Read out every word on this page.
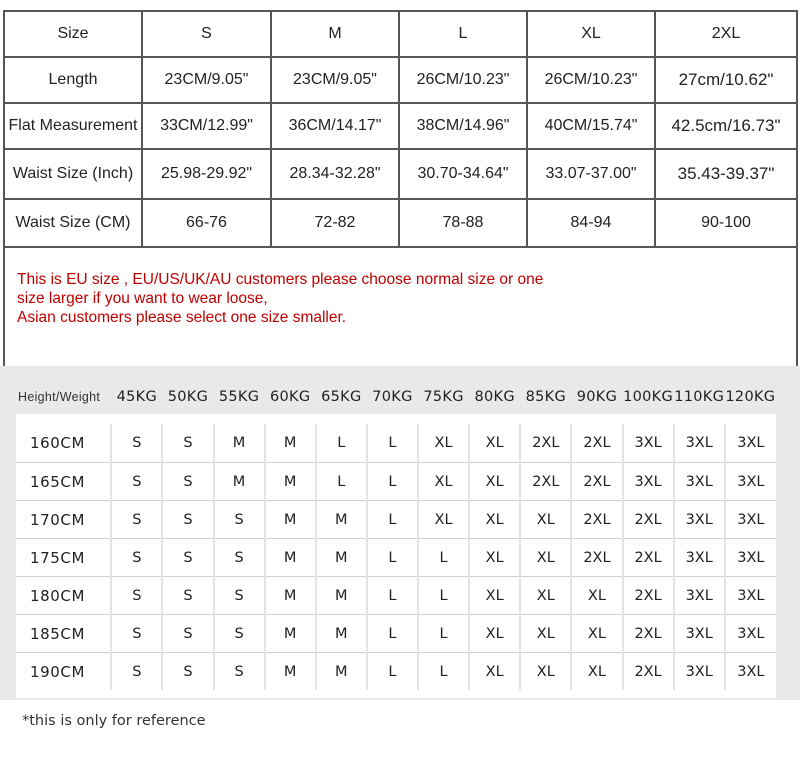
Size	S	M	L	XL	2XL
Length	23CM/9.05"	23CM/9.05"	26CM/10.23"	26CM/10.23"	27cm/10.62"
Flat Measurement	33CM/12.99"	36CM/14.17"	38CM/14.96"	40CM/15.74"	42.5cm/16.73"
Waist Size (Inch)	25.98-29.92"	28.34-32.28"	30.70-34.64"	33.07-37.00"	35.43-39.37"
Waist Size (CM)	66-76	72-82	78-88	84-94	90-100

This is EU size , EU/US/UK/AU customers please choose normal size or one
size larger if you want to wear loose,
Asian customers please select one size smaller.					
Height/Weight	45KG	50KG	55KG	60KG	65KG	70KG	75KG	80KG	85KG	90KG	100KG	110KG	120KG
160CM	S	S	M	M	L	L	XL	XL	2XL	2XL	3XL	3XL	3XL
165CM	S	S	M	M	L	L	XL	XL	2XL	2XL	3XL	3XL	3XL
170CM	S	S	S	M	M	L	XL	XL	XL	2XL	2XL	3XL	3XL
175CM	S	S	S	M	M	L	L	XL	XL	2XL	2XL	3XL	3XL
180CM	S	S	S	M	M	L	L	XL	XL	XL	2XL	3XL	3XL
185CM	S	S	S	M	M	L	L	XL	XL	XL	2XL	3XL	3XL
190CM	S	S	S	M	M	L	L	XL	XL	XL	2XL	3XL	3XL
*this is only for reference
